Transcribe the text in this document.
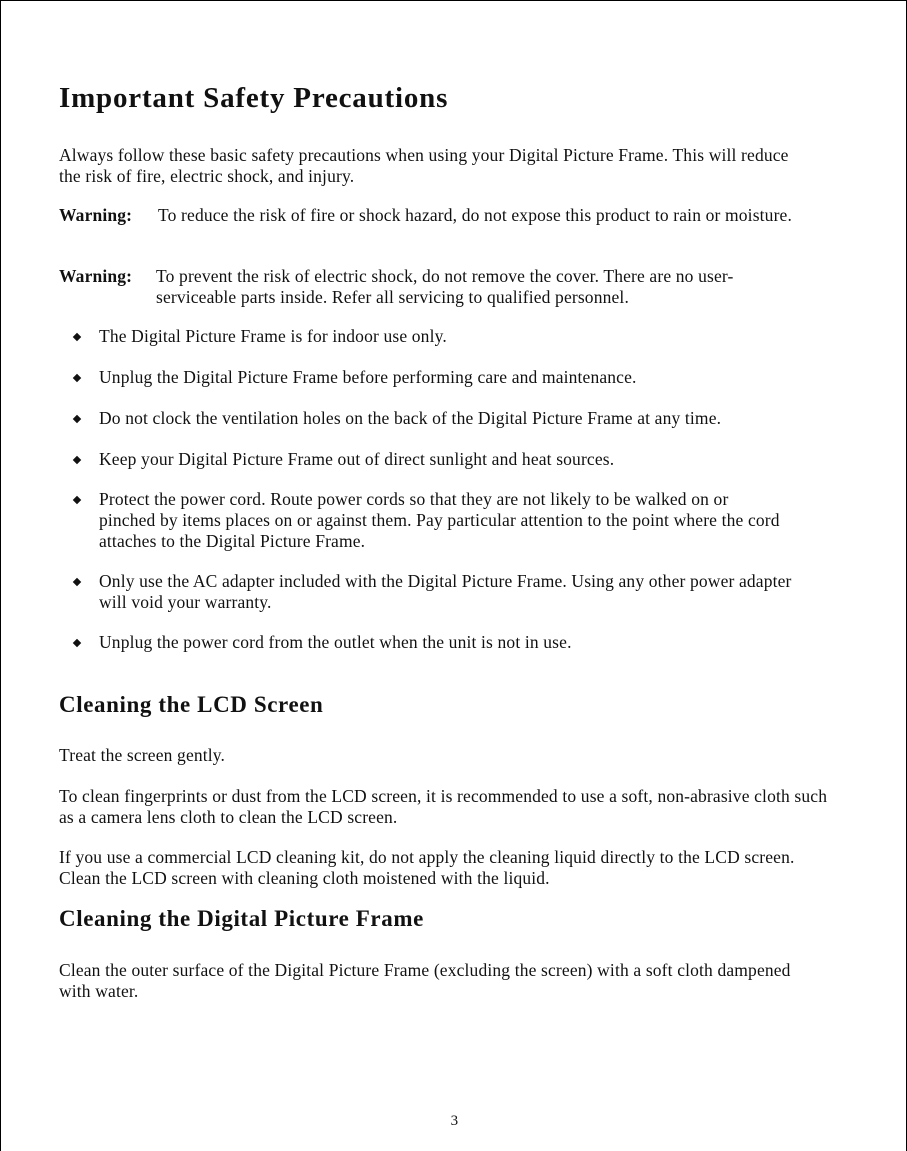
Important Safety Precautions

Always follow these basic safety precautions when using your Digital Picture Frame. This will reduce the risk of fire, electric shock, and injury.

Warning: To reduce the risk of fire or shock hazard, do not expose this product to rain or moisture.
Warning: To prevent the risk of electric shock, do not remove the cover. There are no user-serviceable parts inside. Refer all servicing to qualified personnel.
The Digital Picture Frame is for indoor use only.
Unplug the Digital Picture Frame before performing care and maintenance.
Do not clock the ventilation holes on the back of the Digital Picture Frame at any time.
Keep your Digital Picture Frame out of direct sunlight and heat sources.
Protect the power cord. Route power cords so that they are not likely to be walked on or pinched by items places on or against them. Pay particular attention to the point where the cord attaches to the Digital Picture Frame.
Only use the AC adapter included with the Digital Picture Frame. Using any other power adapter will void your warranty.
Unplug the power cord from the outlet when the unit is not in use.
Cleaning the LCD Screen

Treat the screen gently.

To clean fingerprints or dust from the LCD screen, it is recommended to use a soft, non-abrasive cloth such as a camera lens cloth to clean the LCD screen.

If you use a commercial LCD cleaning kit, do not apply the cleaning liquid directly to the LCD screen. Clean the LCD screen with cleaning cloth moistened with the liquid.

Cleaning the Digital Picture Frame

Clean the outer surface of the Digital Picture Frame (excluding the screen) with a soft cloth dampened with water.

3
